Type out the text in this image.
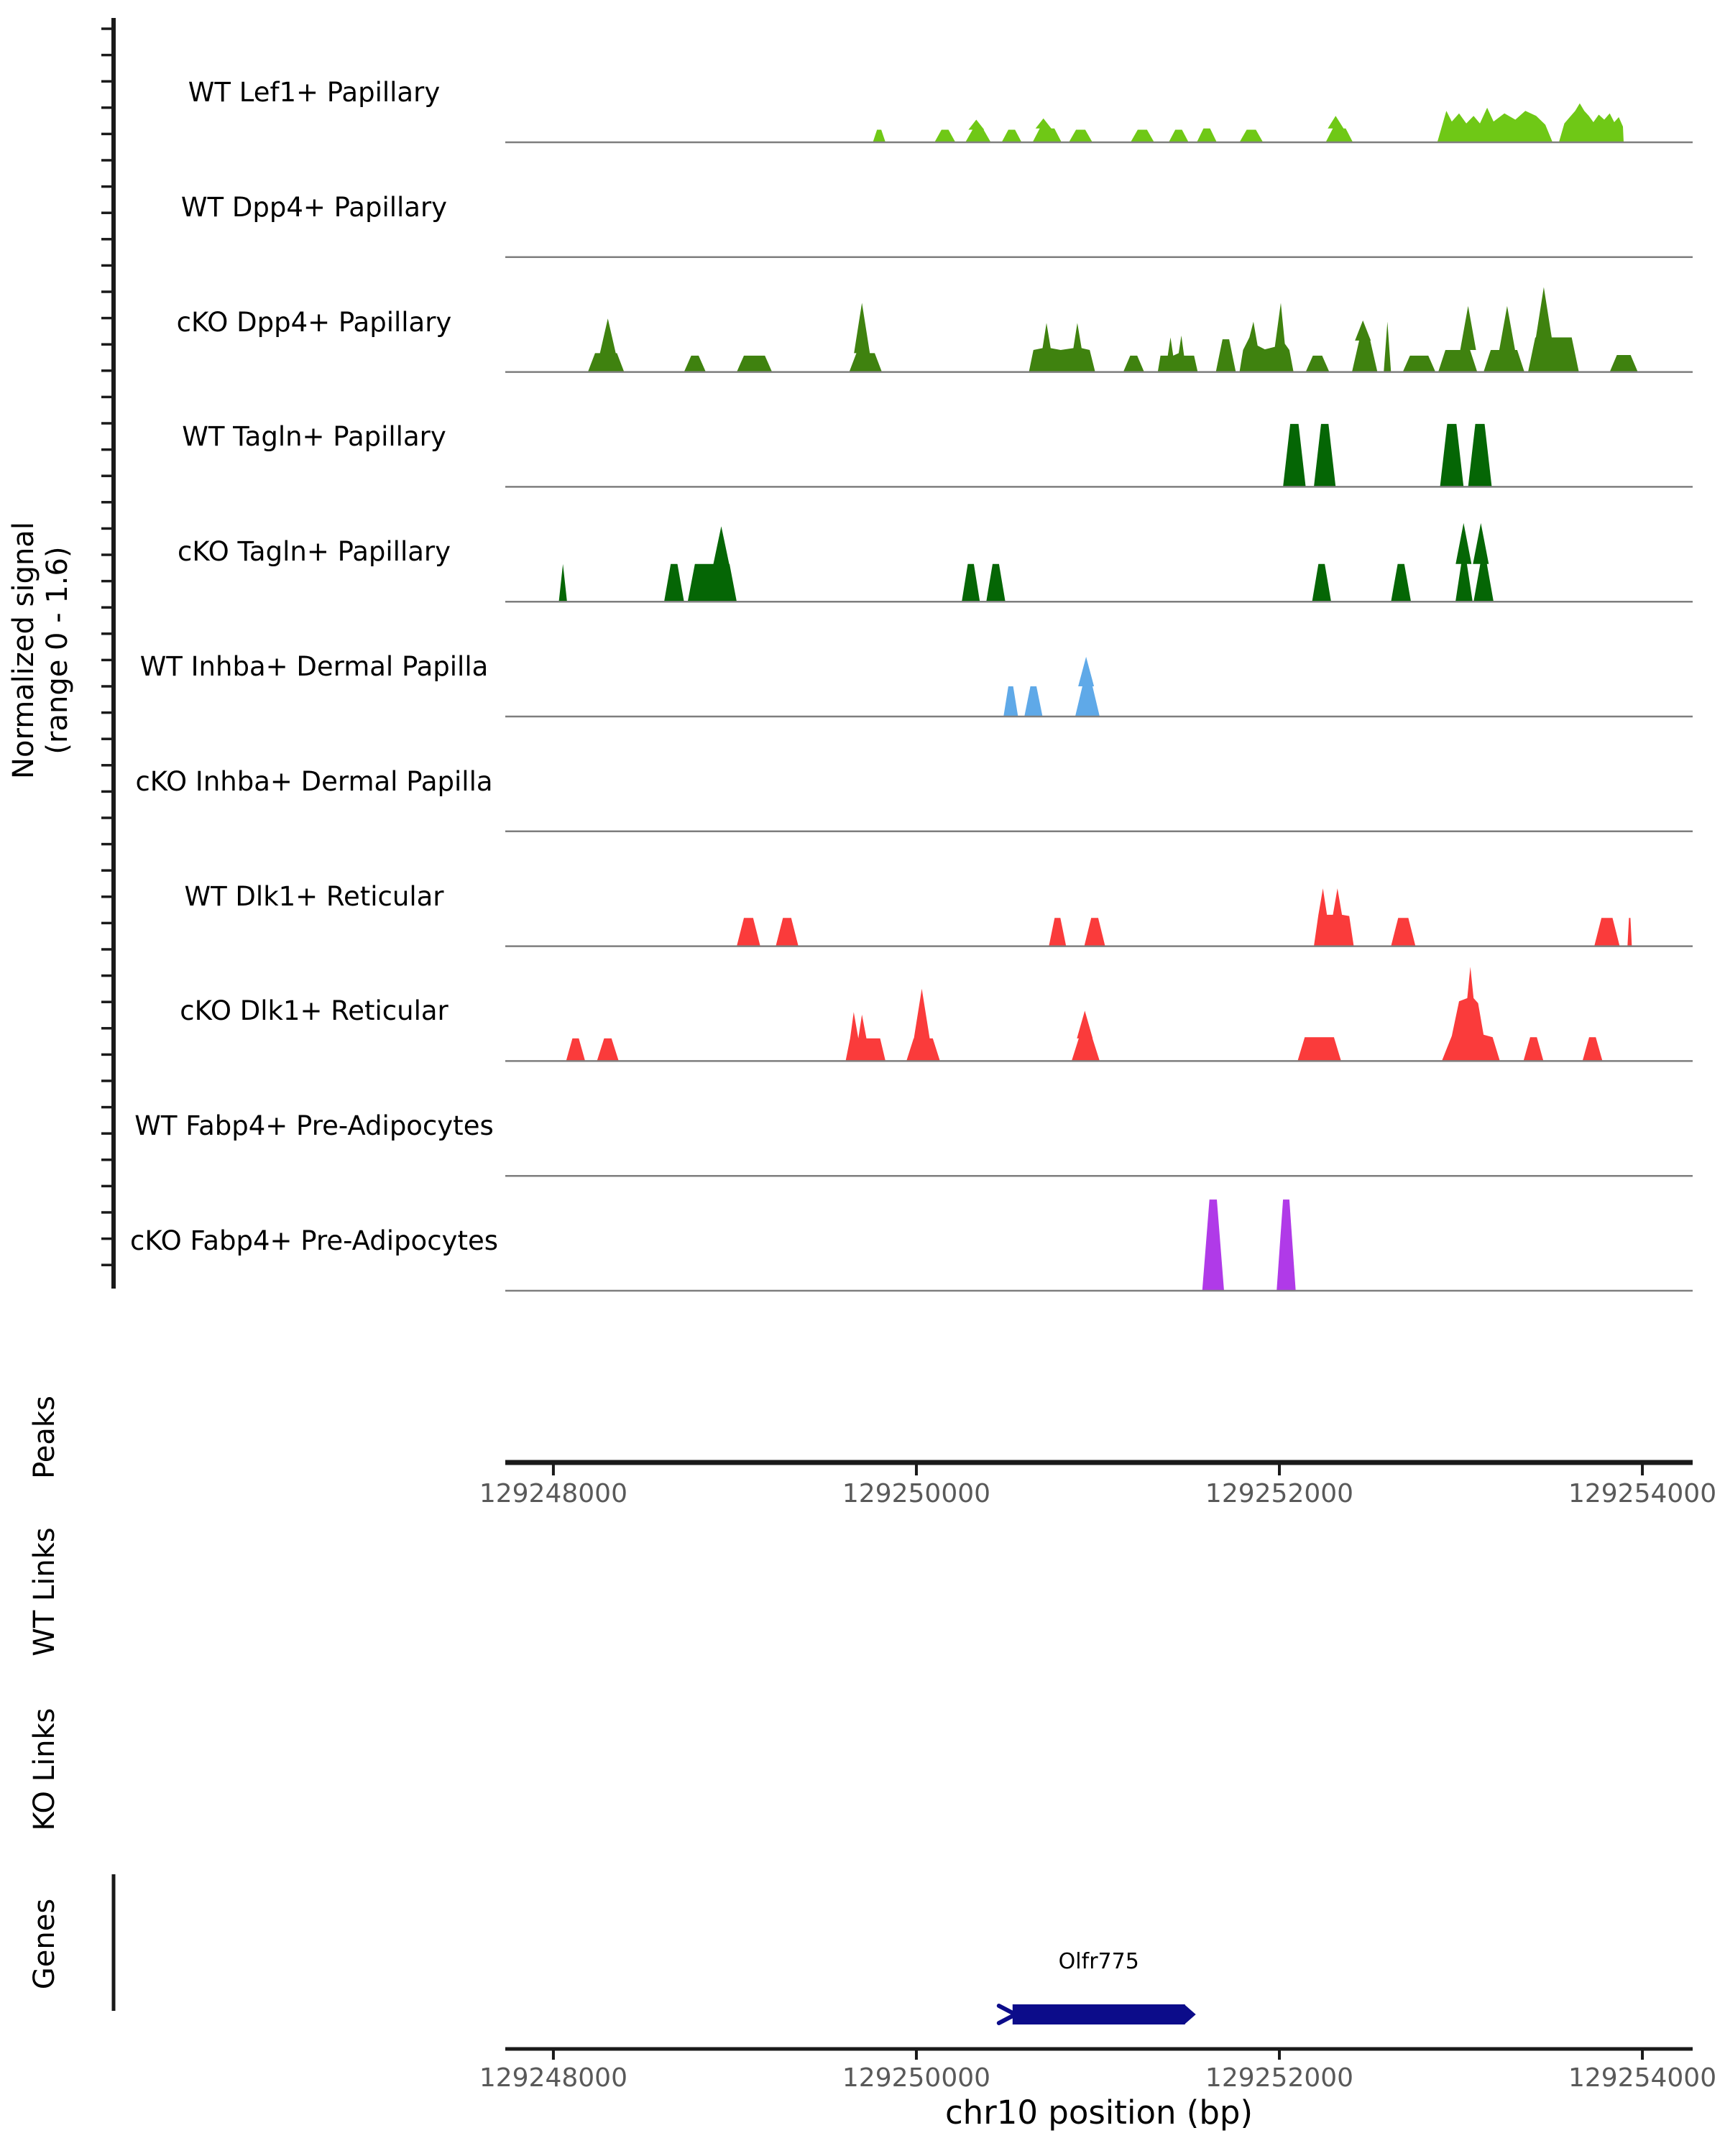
129248000	129250000	129252000	129254000
129248000	129250000	129252000	129254000
Normalized signal (range 0 - 1.6)
Peaks
WT Links
KO Links
Genes
WT Lef1+ Papillary
WT Dpp4+ Papillary
cKO Dpp4+ Papillary
WT Tagln+ Papillary
cKO Tagln+ Papillary
WT Inhba+ Dermal Papilla
cKO Inhba+ Dermal Papilla
WT Dlk1+ Reticular
cKO Dlk1+ Reticular
WT Fabp4+ Pre-Adipocytes
cKO Fabp4+ Pre-Adipocytes
Olfr775
chr10 position (bp)
